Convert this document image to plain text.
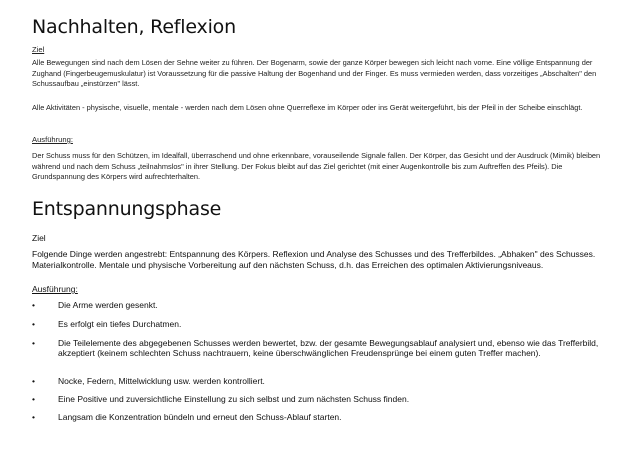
Nachhalten, Reflexion
Ziel
Alle Bewegungen sind nach dem Lösen der Sehne weiter zu führen. Der Bogenarm, sowie der ganze Körper bewegen sich leicht nach vorne. Eine völlige Entspannung der Zughand (Fingerbeugemuskulatur) ist Voraussetzung für die passive Haltung der Bogenhand und der Finger. Es muss vermieden werden, dass vorzeitiges „Abschalten" den Schussaufbau „einstürzen" lässt.
Alle Aktivitäten - physische, visuelle, mentale - werden nach dem Lösen ohne Querreflexe im Körper oder ins Gerät weitergeführt, bis der Pfeil in der Scheibe einschlägt.
Ausführung:
Der Schuss muss für den Schützen, im Idealfall, überraschend und ohne erkennbare, vorauseilende Signale fallen. Der Körper, das Gesicht und der Ausdruck (Mimik) bleiben während und nach dem Schuss „teilnahmslos" in ihrer Stellung. Der Fokus bleibt auf das Ziel gerichtet (mit einer Augenkontrolle bis zum Auftreffen des Pfeils). Die Grundspannung des Körpers wird aufrechterhalten.
Entspannungsphase
Ziel
Folgende Dinge werden angestrebt: Entspannung des Körpers. Reflexion und Analyse des Schusses und des Trefferbildes. „Abhaken" des Schusses. Materialkontrolle. Mentale und physische Vorbereitung auf den nächsten Schuss, d.h. das Erreichen des optimalen Aktivierungsniveaus.
Ausführung:
•	Die Arme werden gesenkt.
•	Es erfolgt ein tiefes Durchatmen.
•	Die Teilelemente des abgegebenen Schusses werden bewertet, bzw. der gesamte Bewegungsablauf analysiert und, ebenso wie das Trefferbild, akzeptiert (keinem schlechten Schuss nachtrauern, keine überschwänglichen Freudensprünge bei einem guten Treffer machen).
•	Nocke, Federn, Mittelwicklung usw. werden kontrolliert.
•	Eine Positive und zuversichtliche Einstellung zu sich selbst und zum nächsten Schuss finden.
•	Langsam die Konzentration bündeln und erneut den Schuss-Ablauf starten.
